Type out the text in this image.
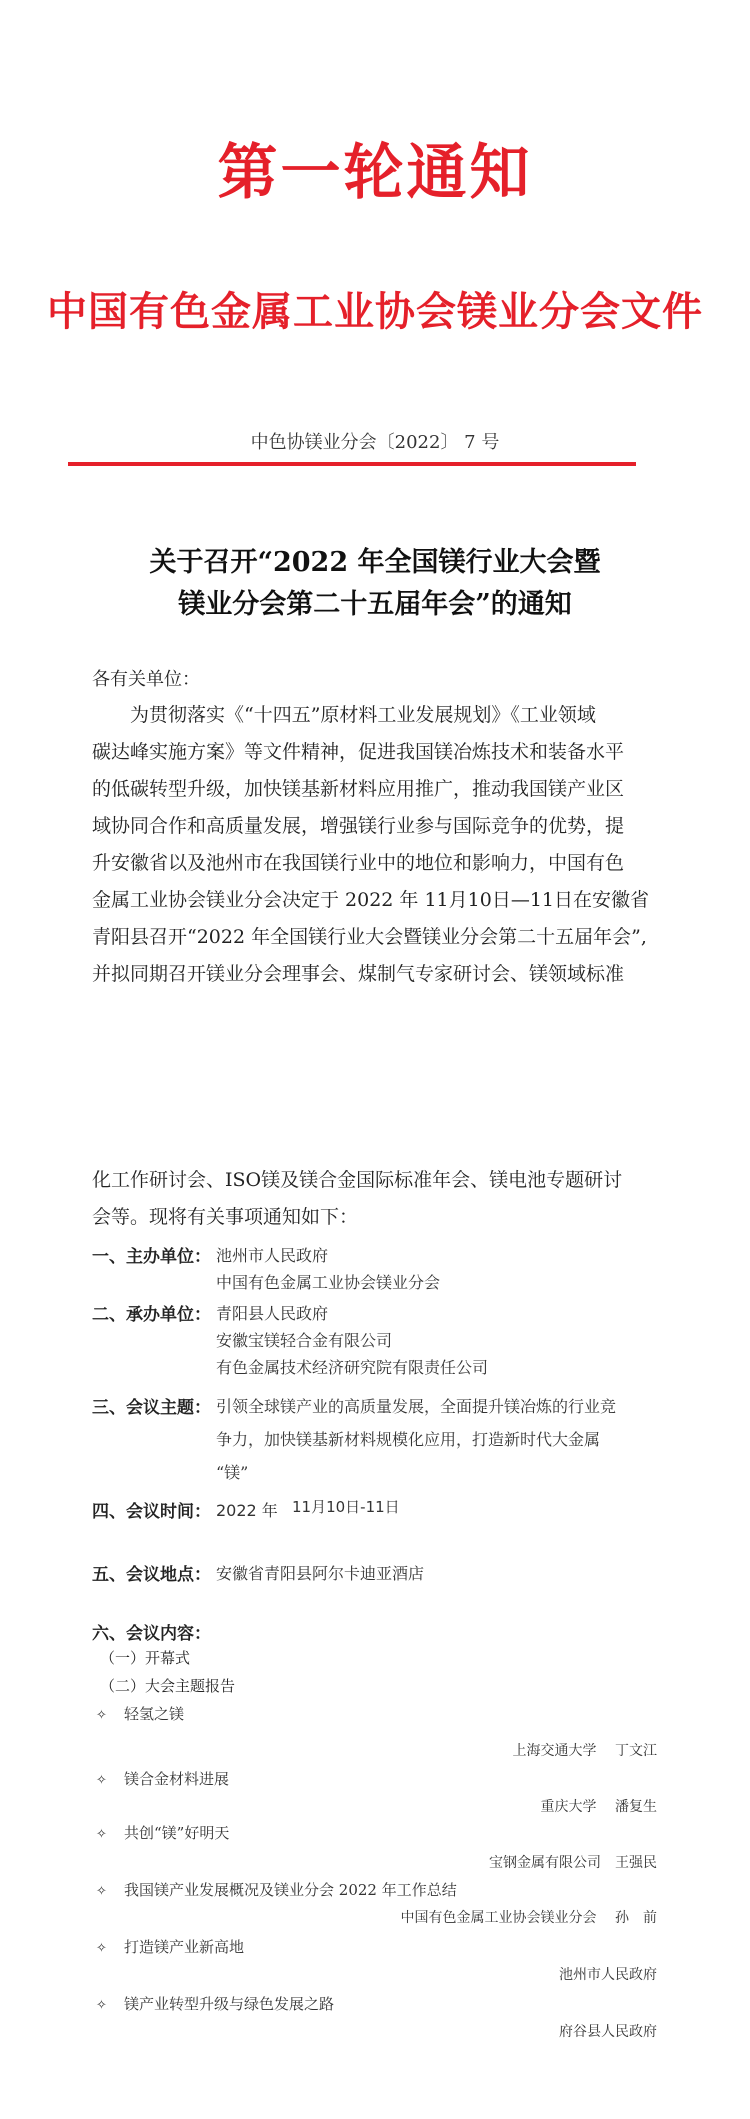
第一轮通知
中国有色金属工业协会镁业分会文件
中色协镁业分会〔2022〕 7 号
关于召开“2022 年全国镁行业大会暨
镁业分会第二十五届年会”的通知
各有关单位：
为贯彻落实《“十四五”原材料工业发展规划》《工业领域
碳达峰实施方案》等文件精神，促进我国镁冶炼技术和装备水平
的低碳转型升级，加快镁基新材料应用推广，推动我国镁产业区
域协同合作和高质量发展，增强镁行业参与国际竞争的优势，提
升安徽省以及池州市在我国镁行业中的地位和影响力，中国有色
金属工业协会镁业分会决定于 2022 年 11月10日—11日在安徽省
青阳县召开“2022 年全国镁行业大会暨镁业分会第二十五届年会”,
并拟同期召开镁业分会理事会、煤制气专家研讨会、镁领域标准
化工作研讨会、ISO镁及镁合金国际标准年会、镁电池专题研讨
会等。现将有关事项通知如下：
一、主办单位： 池州市人民政府
中国有色金属工业协会镁业分会
二、承办单位： 青阳县人民政府
安徽宝镁轻合金有限公司
有色金属技术经济研究院有限责任公司
三、会议主题： 引领全球镁产业的高质量发展，全面提升镁冶炼的行业竞
争力，加快镁基新材料规模化应用，打造新时代大金属
“镁”
四、会议时间： 2022 年 11月10日-11日
五、会议地点： 安徽省青阳县阿尔卡迪亚酒店
六、会议内容：
（一）开幕式
（二）大会主题报告
✧ 轻氢之镁
上海交通大学　 丁文江
✧ 镁合金材料进展
重庆大学　 潘复生
✧ 共创“镁”好明天
宝钢金属有限公司　王强民
✧ 我国镁产业发展概况及镁业分会 2022 年工作总结
中国有色金属工业协会镁业分会　 孙　前
✧ 打造镁产业新高地
池州市人民政府
✧ 镁产业转型升级与绿色发展之路
府谷县人民政府
